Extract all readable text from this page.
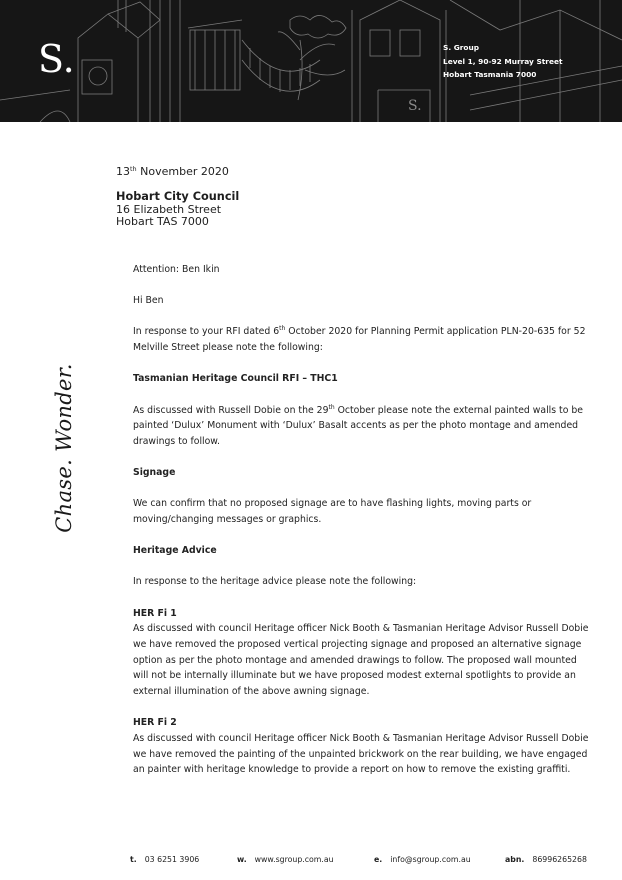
S.
S.	S. Group
Level 1, 90-92 Murray Street
Hobart Tasmania 7000
Chase. Wonder.
13th November 2020
Hobart City Council
16 Elizabeth Street
Hobart TAS 7000

Attention: Ben Ikin

Hi Ben

In response to your RFI dated 6th October 2020 for Planning Permit application PLN-20-635 for 52 Melville Street please note the following:

Tasmanian Heritage Council RFI – THC1

As discussed with Russell Dobie on the 29th October please note the external painted walls to be painted ‘Dulux’ Monument with ‘Dulux’ Basalt accents as per the photo montage and amended drawings to follow.

Signage

We can confirm that no proposed signage are to have flashing lights, moving parts or moving/changing messages or graphics.

Heritage Advice

In response to the heritage advice please note the following:

HER Fi 1

As discussed with council Heritage officer Nick Booth & Tasmanian Heritage Advisor Russell Dobie we have removed the proposed vertical projecting signage and proposed an alternative signage option as per the photo montage and amended drawings to follow. The proposed wall mounted will not be internally illuminate but we have proposed modest external spotlights to provide an external illumination of the above awning signage.

HER Fi 2

As discussed with council Heritage officer Nick Booth & Tasmanian Heritage Advisor Russell Dobie we have removed the painting of the unpainted brickwork on the rear building, we have engaged an painter with heritage knowledge to provide a report on how to remove the existing graffiti.

t. 03 6251 3906	w. www.sgroup.com.au	e. info@sgroup.com.au	abn. 86996265268
